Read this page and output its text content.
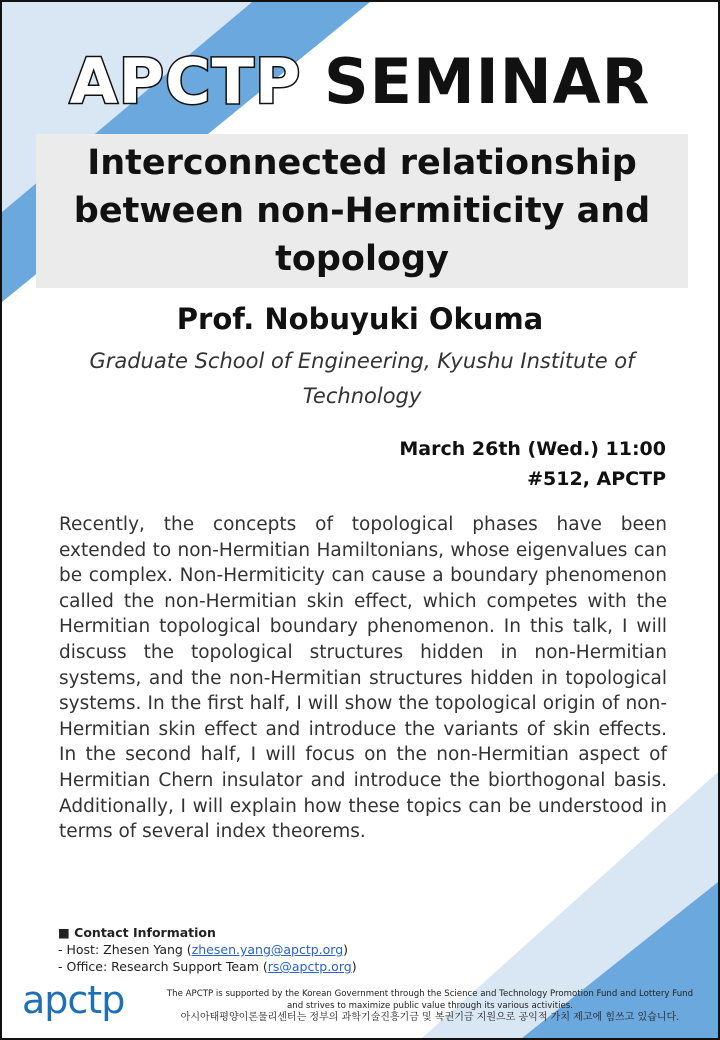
APCTP SEMINAR
Interconnected relationship between non-Hermiticity and topology
Prof. Nobuyuki Okuma
Graduate School of Engineering, Kyushu Institute of Technology
March 26th (Wed.) 11:00
#512, APCTP
Recently, the concepts of topological phases have been extended to non-Hermitian Hamiltonians, whose eigenvalues can be complex. Non-Hermiticity can cause a boundary phenomenon called the non-Hermitian skin effect, which competes with the Hermitian topological boundary phenomenon. In this talk, I will discuss the topological structures hidden in non-Hermitian systems, and the non-Hermitian structures hidden in topological systems. In the first half, I will show the topological origin of non-Hermitian skin effect and introduce the variants of skin effects. In the second half, I will focus on the non-Hermitian aspect of Hermitian Chern insulator and introduce the biorthogonal basis. Additionally, I will explain how these topics can be understood in terms of several index theorems.
■ Contact Information
- Host: Zhesen Yang (zhesen.yang@apctp.org)
- Office: Research Support Team (rs@apctp.org)
apctp	The APCTP is supported by the Korean Government through the Science and Technology Promotion Fund and Lottery Fund
and strives to maximize public value through its various activities.
아시아태평양이론물리센터는 정부의 과학기술진흥기금 및 복권기금 지원으로 공익적 가치 제고에 힘쓰고 있습니다.
